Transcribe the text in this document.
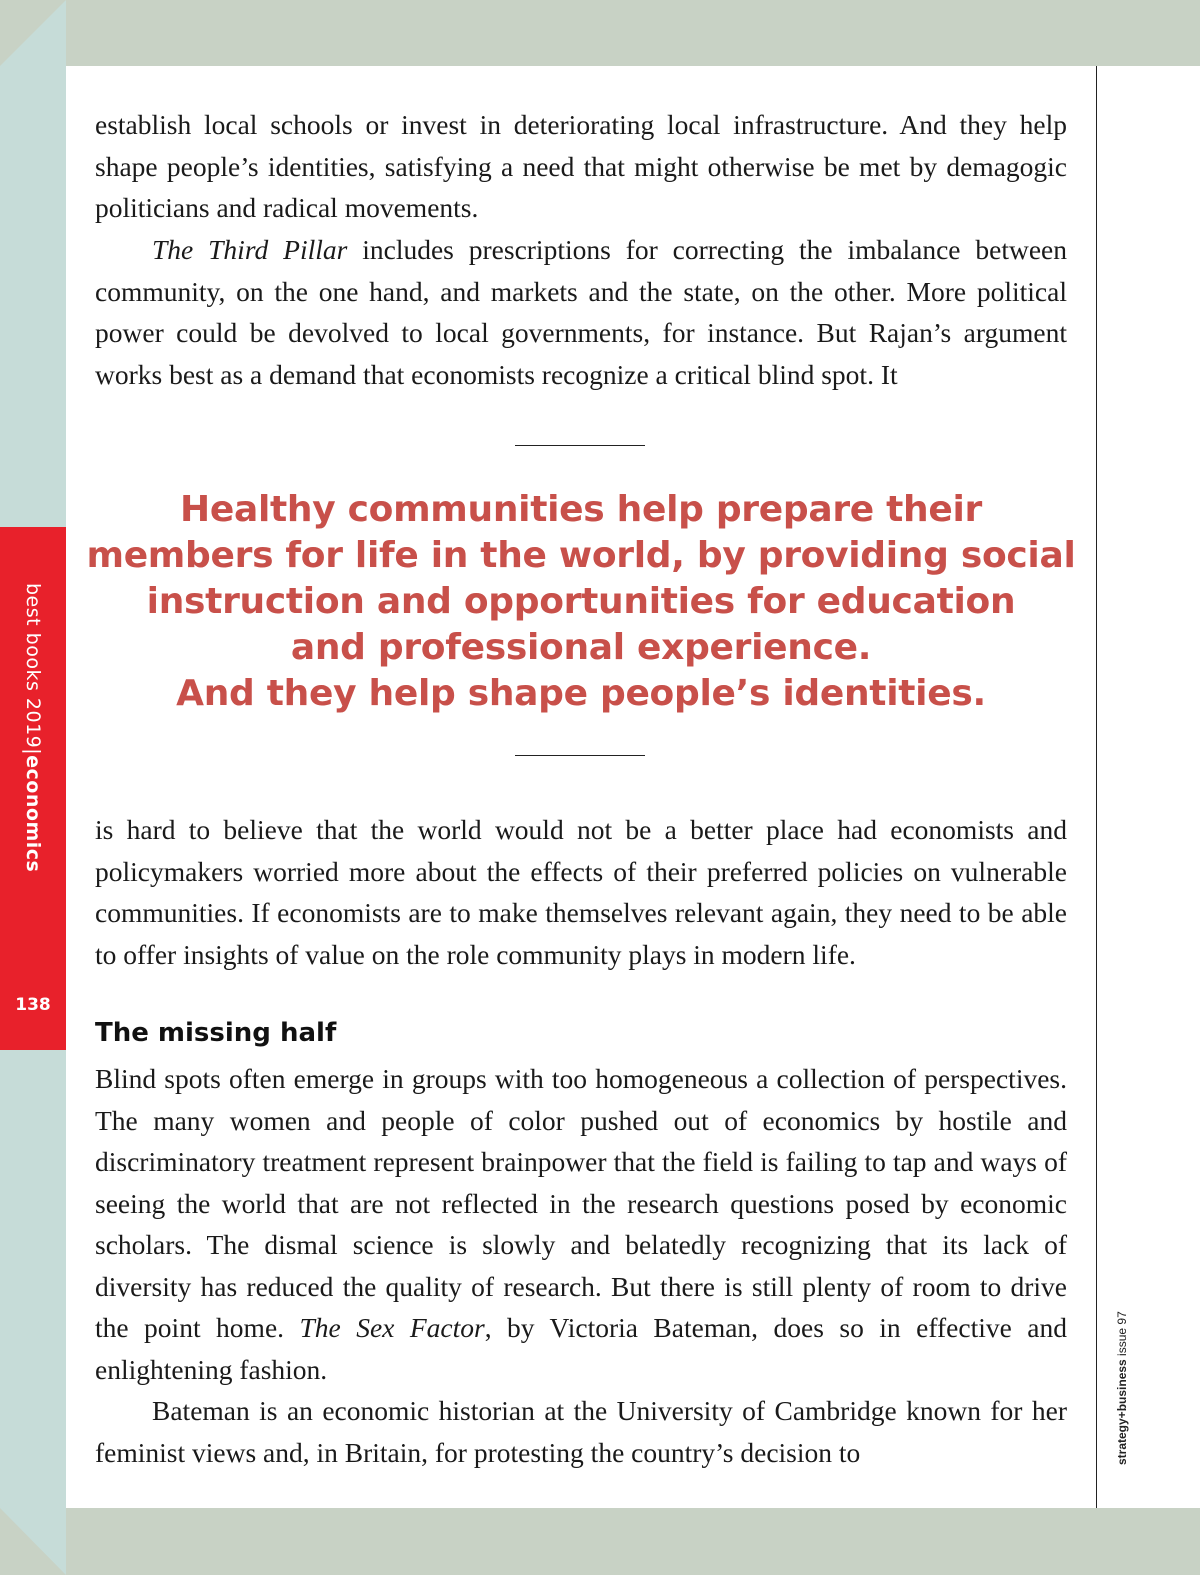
best books 2019|economics
138
strategy+business issue 97

establish local schools or invest in deteriorating local infrastructure. And they help shape people’s identities, satisfying a need that might otherwise be met by demagogic politicians and radical movements.

The Third Pillar includes prescriptions for correcting the imbalance between community, on the one hand, and markets and the state, on the other. More political power could be devolved to local governments, for instance. But Rajan’s argument works best as a demand that economists recognize a critical blind spot. It

Healthy communities help prepare their
members for life in the world, by providing social
instruction and opportunities for education
and professional experience.
And they help shape people’s identities.

is hard to believe that the world would not be a better place had economists and policymakers worried more about the effects of their preferred policies on vulnerable communities. If economists are to make themselves relevant again, they need to be able to offer insights of value on the role community plays in modern life.

The missing half

Blind spots often emerge in groups with too homogeneous a collection of perspectives. The many women and people of color pushed out of economics by hostile and discriminatory treatment represent brainpower that the field is failing to tap and ways of seeing the world that are not reflected in the research questions posed by economic scholars. The dismal science is slowly and belatedly recognizing that its lack of diversity has reduced the quality of research. But there is still plenty of room to drive the point home. The Sex Factor, by Victoria Bateman, does so in effective and enlightening fashion.

Bateman is an economic historian at the University of Cambridge known for her feminist views and, in Britain, for protesting the country’s decision to
